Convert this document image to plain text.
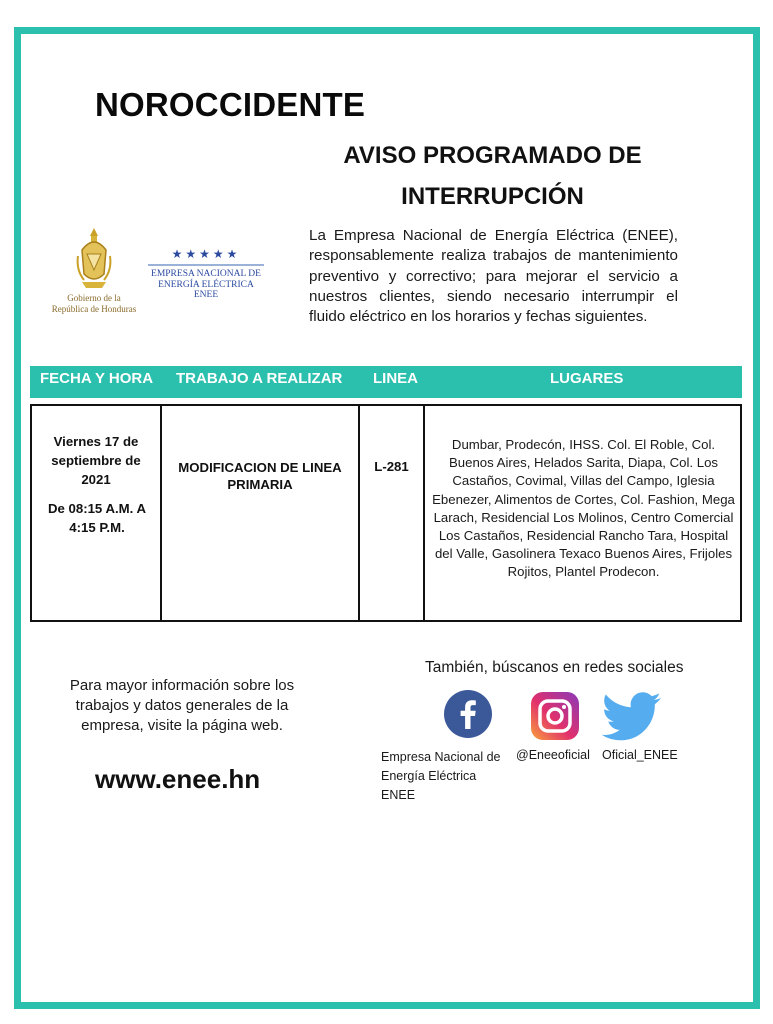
NOROCCIDENTE
AVISO PROGRAMADO DE
INTERRUPCIÓN
Gobierno de la
República de Honduras
★★★★★
EMPRESA NACIONAL DE
ENERGÍA ELÉCTRICA
ENEE
La Empresa Nacional de Energía Eléctrica (ENEE), responsablemente realiza trabajos de mantenimiento preventivo y correctivo; para mejorar el servicio a nuestros clientes, siendo necesario interrumpir el fluido eléctrico en los horarios y fechas siguientes.
FECHA Y HORA TRABAJO A REALIZAR LINEA	LUGARES
Viernes 17 de septiembre de 2021
De 08:15 A.M. A 4:15 P.M.
MODIFICACION DE LINEA PRIMARIA
L-281
Dumbar, Prodecón, IHSS. Col. El Roble, Col. Buenos Aires, Helados Sarita, Diapa, Col. Los Castaños, Covimal, Villas del Campo, Iglesia Ebenezer, Alimentos de Cortes, Col. Fashion, Mega Larach, Residencial Los Molinos, Centro Comercial Los Castaños, Residencial Rancho Tara, Hospital del Valle, Gasolinera Texaco Buenos Aires, Frijoles Rojitos, Plantel Prodecon.
Para mayor información sobre los trabajos y datos generales de la empresa, visite la página web.
www.enee.hn
También, búscanos en redes sociales
Empresa Nacional de
Energía Eléctrica
ENEE
@Eneeoficial Oficial_ENEE
